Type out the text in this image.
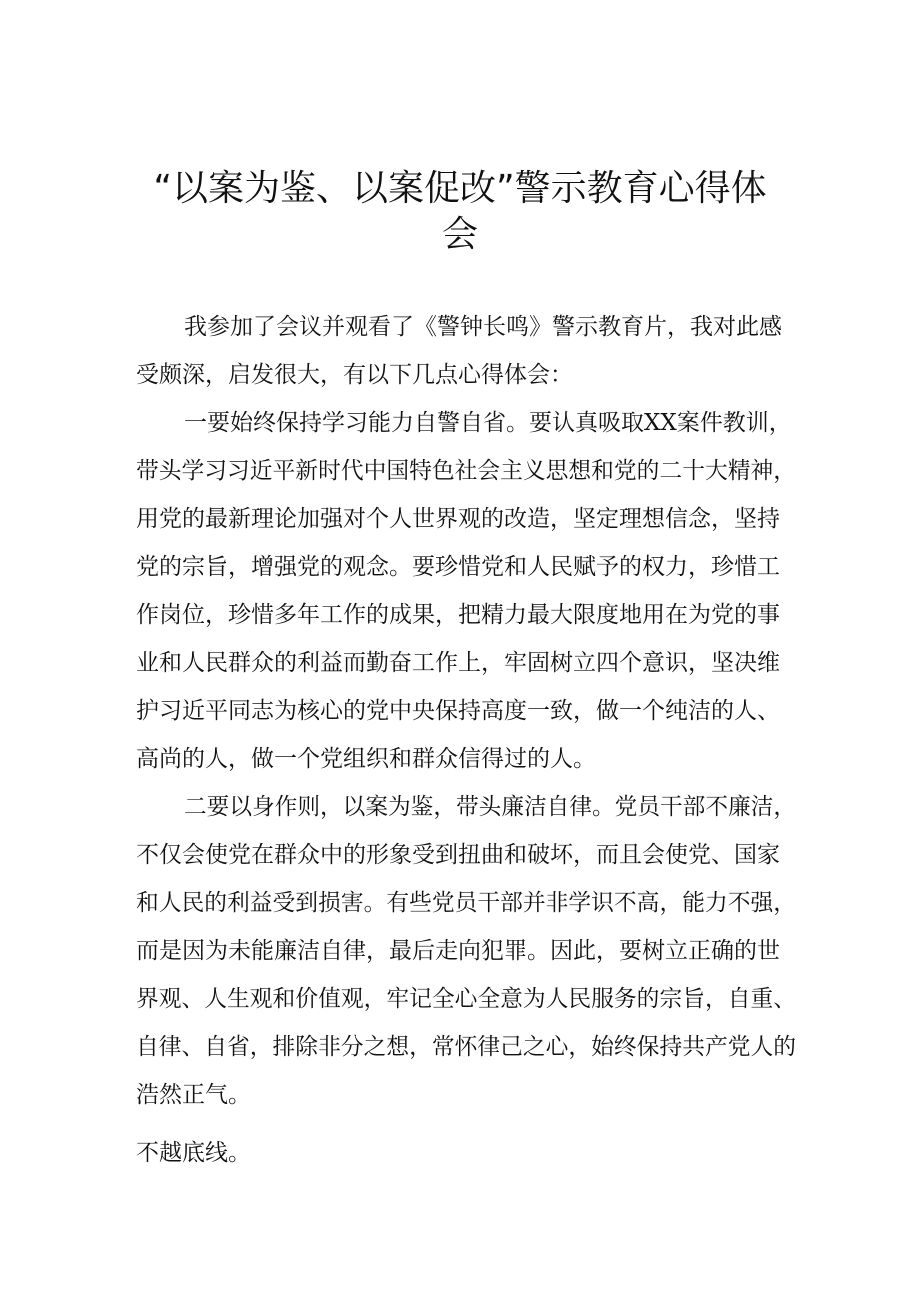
“以案为鉴、以案促改”警示教育心得体
会
我参加了会议并观看了《警钟长鸣》警示教育片，我对此感
受颇深，启发很大，有以下几点心得体会：
一要始终保持学习能力自警自省。要认真吸取XX案件教训，
带头学习习近平新时代中国特色社会主义思想和党的二十大精神，
用党的最新理论加强对个人世界观的改造，坚定理想信念，坚持
党的宗旨，增强党的观念。要珍惜党和人民赋予的权力，珍惜工
作岗位，珍惜多年工作的成果，把精力最大限度地用在为党的事
业和人民群众的利益而勤奋工作上，牢固树立四个意识，坚决维
护习近平同志为核心的党中央保持高度一致，做一个纯洁的人、
高尚的人，做一个党组织和群众信得过的人。
二要以身作则，以案为鉴，带头廉洁自律。党员干部不廉洁，
不仅会使党在群众中的形象受到扭曲和破坏，而且会使党、国家
和人民的利益受到损害。有些党员干部并非学识不高，能力不强，
而是因为未能廉洁自律，最后走向犯罪。因此，要树立正确的世
界观、人生观和价值观，牢记全心全意为人民服务的宗旨，自重、
自律、自省，排除非分之想，常怀律己之心，始终保持共产党人的
浩然正气。
不越底线。
